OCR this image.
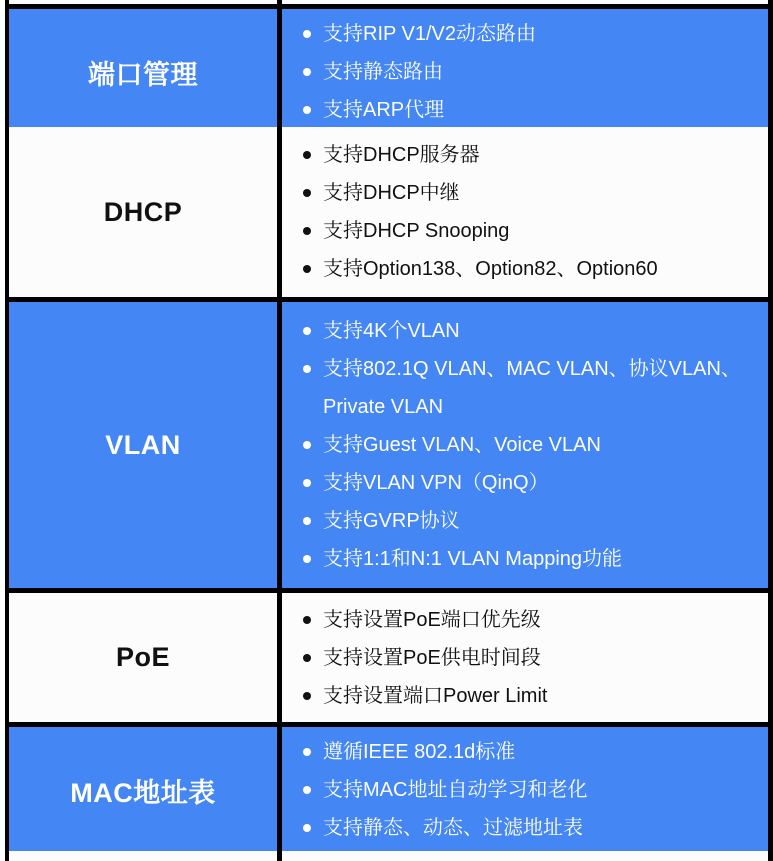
端口管理
支持RIP V1/V2动态路由
支持静态路由
支持ARP代理
DHCP
支持DHCP服务器
支持DHCP中继
支持DHCP Snooping
支持Option138、Option82、Option60
VLAN
支持4K个VLAN
支持802.1Q VLAN、MAC VLAN、协议VLAN、Private VLAN
支持Guest VLAN、Voice VLAN
支持VLAN VPN（QinQ）
支持GVRP协议
支持1:1和N:1 VLAN Mapping功能
PoE
支持设置PoE端口优先级
支持设置PoE供电时间段
支持设置端口Power Limit
MAC地址表
遵循IEEE 802.1d标准
支持MAC地址自动学习和老化
支持静态、动态、过滤地址表
